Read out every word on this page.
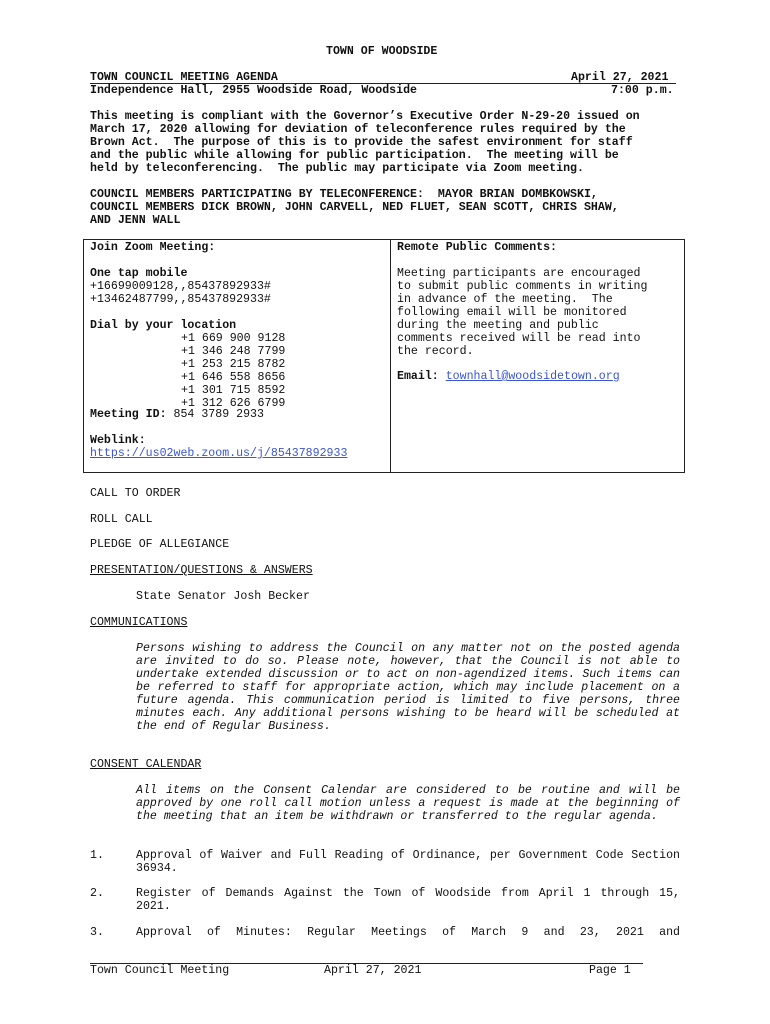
TOWN OF WOODSIDE
TOWN COUNCIL MEETING AGENDA	April 27, 2021
Independence Hall, 2955 Woodside Road, Woodside	7:00 p.m.
This meeting is compliant with the Governor’s Executive Order N-29-20 issued on
March 17, 2020 allowing for deviation of teleconference rules required by the
Brown Act.  The purpose of this is to provide the safest environment for staff
and the public while allowing for public participation.  The meeting will be
held by teleconferencing.  The public may participate via Zoom meeting.
COUNCIL MEMBERS PARTICIPATING BY TELECONFERENCE:  MAYOR BRIAN DOMBKOWSKI,
COUNCIL MEMBERS DICK BROWN, JOHN CARVELL, NED FLUET, SEAN SCOTT, CHRIS SHAW,
AND JENN WALL
Join Zoom Meeting:
One tap mobile
+16699009128,,85437892933#
+13462487799,,85437892933#
Dial by your location
+1 669 900 9128
+1 346 248 7799
+1 253 215 8782
+1 646 558 8656
+1 301 715 8592
+1 312 626 6799
Meeting ID: 854 3789 2933
Weblink:
https://us02web.zoom.us/j/85437892933
Remote Public Comments:
Meeting participants are encouraged
to submit public comments in writing
in advance of the meeting.  The
following email will be monitored
during the meeting and public
comments received will be read into
the record.
Email: townhall@woodsidetown.org
CALL TO ORDER
ROLL CALL
PLEDGE OF ALLEGIANCE
PRESENTATION/QUESTIONS & ANSWERS
State Senator Josh Becker
COMMUNICATIONS
Persons wishing to address the Council on any matter not on the posted agenda are invited to do so. Please note, however, that the Council is not able to undertake extended discussion or to act on non-agendized items. Such items can be referred to staff for appropriate action, which may include placement on a future agenda. This communication period is limited to five persons, three minutes each. Any additional persons wishing to be heard will be scheduled at the end of Regular Business.
CONSENT CALENDAR
All items on the Consent Calendar are considered to be routine and will be approved by one roll call motion unless a request is made at the beginning of the meeting that an item be withdrawn or transferred to the regular agenda.
1.	Approval of Waiver and Full Reading of Ordinance, per Government Code Section 36934.
2.	Register of Demands Against the Town of Woodside from April 1 through 15, 2021.
3.	Approval of Minutes: Regular Meetings of March 9 and 23, 2021 and
Town Council Meeting	April 27, 2021	Page 1
